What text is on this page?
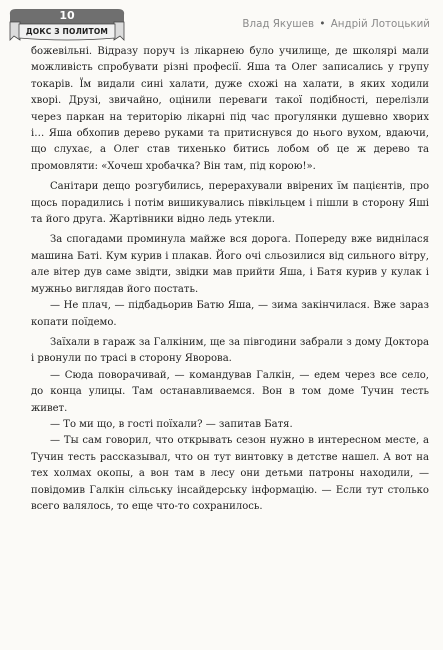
10
ДОКС З ПОЛИТОМ
Влад Якушев • Андрій Лотоцький

божевільні. Відразу поруч із лікарнею було училище, де школярі мали можливість спробувати різні професії. Яша та Олег записались у групу токарів. Їм видали сині халати, дуже схожі на халати, в яких ходили хворі. Друзі, звичайно, оцінили переваги такої подібності, перелізли через паркан на територію лікарні під час прогулянки душевно хворих і… Яша обхопив дерево руками та притиснувся до нього вухом, вдаючи, що слухає, а Олег став тихенько битись лобом об це ж дерево та промовляти: «Хочеш хробачка? Він там, під корою!».

Санітари дещо розгубились, перерахували ввірених їм пацієнтів, про щось порадились і потім вишикувались півкільцем і пішли в сторону Яші та його друга. Жартівники відно ледь утекли.

За спогадами проминула майже вся дорога. Попереду вже виднілася машина Баті. Кум курив і плакав. Його очі сльозилися від сильного вітру, але вітер дув саме звідти, звідки мав прийти Яша, і Батя курив у кулак і мужньо виглядав його постать.

— Не плач, — підбадьорив Батю Яша, — зима закінчилася. Вже зараз копати поїдемо.

Заїхали в гараж за Галкіним, ще за півгодини забрали з дому Доктора і рвонули по трасі в сторону Яворова.

— Сюда поворачивай, — командував Галкін, — едем через все село, до конца улицы. Там останавливаемся. Вон в том доме Тучин тесть живет.

— То ми що, в гості поїхали? — запитав Батя.

— Ты сам говорил, что открывать сезон нужно в интересном месте, а Тучин тесть рассказывал, что он тут винтовку в детстве нашел. А вот на тех холмах окопы, а вон там в лесу они детьми патроны находили, — повідомив Галкін сільську інсайдерську інформацію. — Если тут столько всего валялось, то еще что-то сохранилось.
